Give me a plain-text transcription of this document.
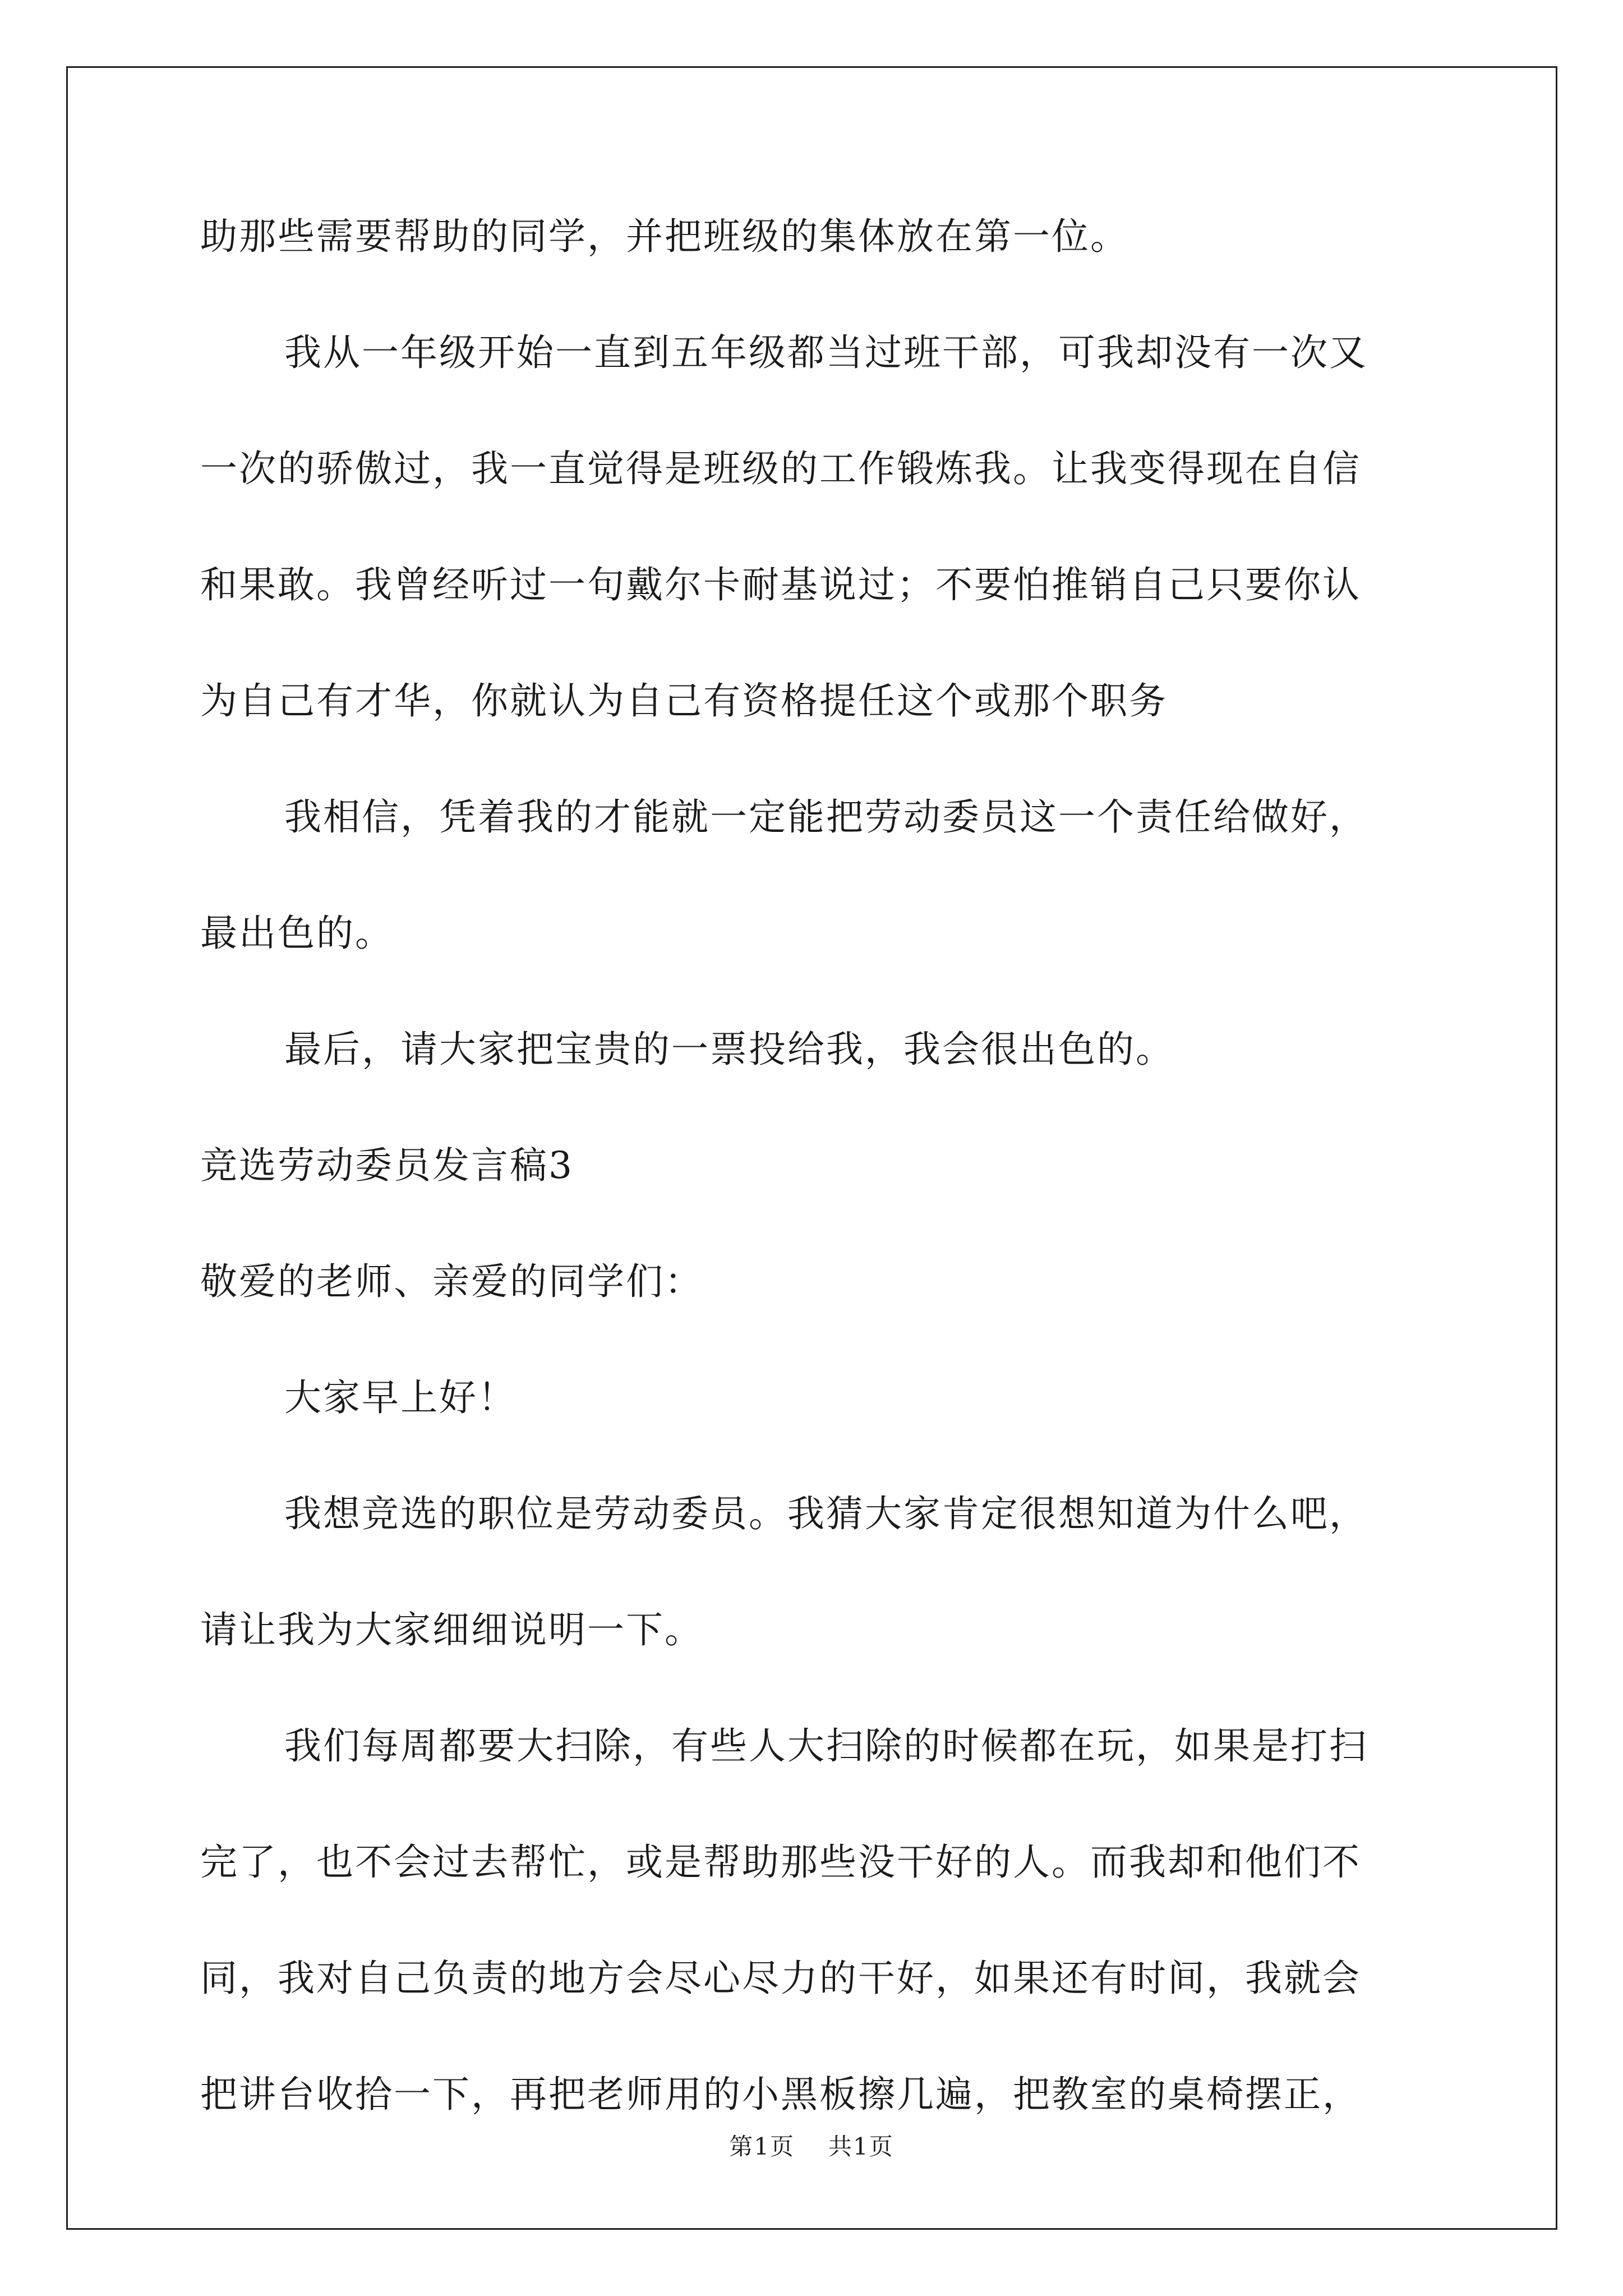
助那些需要帮助的同学，并把班级的集体放在第一位。
我从一年级开始一直到五年级都当过班干部，可我却没有一次又
一次的骄傲过，我一直觉得是班级的工作锻炼我。让我变得现在自信
和果敢。我曾经听过一句戴尔卡耐基说过；不要怕推销自己只要你认
为自己有才华，你就认为自己有资格提任这个或那个职务
我相信，凭着我的才能就一定能把劳动委员这一个责任给做好，
最出色的。
最后，请大家把宝贵的一票投给我，我会很出色的。
竞选劳动委员发言稿3
敬爱的老师、亲爱的同学们：
大家早上好！
我想竞选的职位是劳动委员。我猜大家肯定很想知道为什么吧，
请让我为大家细细说明一下。
我们每周都要大扫除，有些人大扫除的时候都在玩，如果是打扫
完了，也不会过去帮忙，或是帮助那些没干好的人。而我却和他们不
同，我对自己负责的地方会尽心尽力的干好，如果还有时间，我就会
把讲台收拾一下，再把老师用的小黑板擦几遍，把教室的桌椅摆正，
第1页 共1页
